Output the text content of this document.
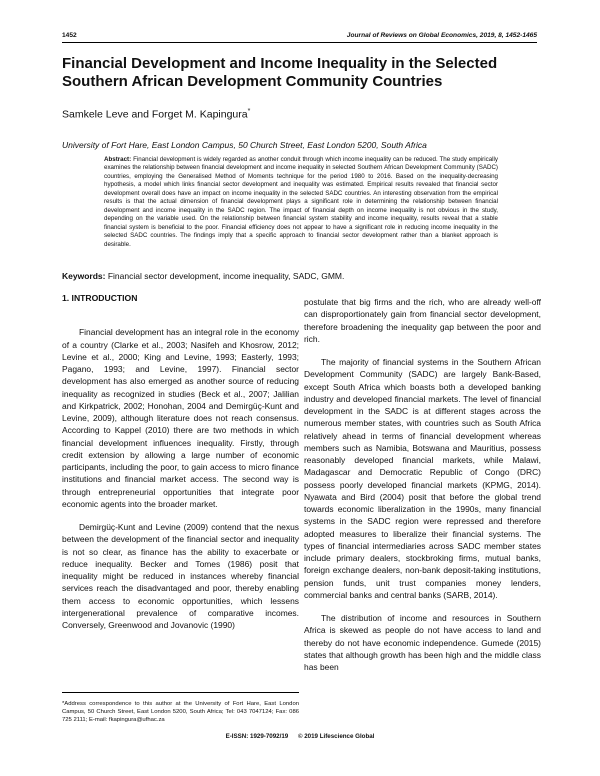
1452	Journal of Reviews on Global Economics, 2019, 8, 1452-1465
Financial Development and Income Inequality in the Selected Southern African Development Community Countries
Samkele Leve and Forget M. Kapingura*
University of Fort Hare, East London Campus, 50 Church Street, East London 5200, South Africa

Abstract: Financial development is widely regarded as another conduit through which income inequality can be reduced. The study empirically examines the relationship between financial development and income inequality in selected Southern African Development Community (SADC) countries, employing the Generalised Method of Moments technique for the period 1980 to 2016. Based on the inequality-decreasing hypothesis, a model which links financial sector development and inequality was estimated. Empirical results revealed that financial sector development overall does have an impact on income inequality in the selected SADC countries. An interesting observation from the empirical results is that the actual dimension of financial development plays a significant role in determining the relationship between financial development and income inequality in the SADC region. The impact of financial depth on income inequality is not obvious in the study, depending on the variable used. On the relationship between financial system stability and income inequality, results reveal that a stable financial system is beneficial to the poor. Financial efficiency does not appear to have a significant role in reducing income inequality in the selected SADC countries. The findings imply that a specific approach to financial sector development rather than a blanket approach is desirable.

Keywords: Financial sector development, income inequality, SADC, GMM.
1. INTRODUCTION

Financial development has an integral role in the economy of a country (Clarke et al., 2003; Nasifeh and Khosrow, 2012; Levine et al., 2000; King and Levine, 1993; Easterly, 1993; Pagano, 1993; and Levine, 1997). Financial sector development has also emerged as another source of reducing inequality as recognized in studies (Beck et al., 2007; Jalilian and Kirkpatrick, 2002; Honohan, 2004 and Demirgüç-Kunt and Levine, 2009), although literature does not reach consensus. According to Kappel (2010) there are two methods in which financial development influences inequality. Firstly, through credit extension by allowing a large number of economic participants, including the poor, to gain access to micro finance institutions and financial market access. The second way is through entrepreneurial opportunities that integrate poor economic agents into the broader market.

Demirgüç-Kunt and Levine (2009) contend that the nexus between the development of the financial sector and inequality is not so clear, as finance has the ability to exacerbate or reduce inequality. Becker and Tomes (1986) posit that inequality might be reduced in instances whereby financial services reach the disadvantaged and poor, thereby enabling them access to economic opportunities, which lessens intergenerational prevalence of comparative incomes. Conversely, Greenwood and Jovanovic (1990)

postulate that big firms and the rich, who are already well-off can disproportionately gain from financial sector development, therefore broadening the inequality gap between the poor and rich.

The majority of financial systems in the Southern African Development Community (SADC) are largely Bank-Based, except South Africa which boasts both a developed banking industry and developed financial markets. The level of financial development in the SADC is at different stages across the numerous member states, with countries such as South Africa relatively ahead in terms of financial development whereas members such as Namibia, Botswana and Mauritius, possess reasonably developed financial markets, while Malawi, Madagascar and Democratic Republic of Congo (DRC) possess poorly developed financial markets (KPMG, 2014). Nyawata and Bird (2004) posit that before the global trend towards economic liberalization in the 1990s, many financial systems in the SADC region were repressed and therefore adopted measures to liberalize their financial systems. The types of financial intermediaries across SADC member states include primary dealers, stockbroking firms, mutual banks, foreign exchange dealers, non-bank deposit-taking institutions, pension funds, unit trust companies money lenders, commercial banks and central banks (SARB, 2014).

The distribution of income and resources in Southern Africa is skewed as people do not have access to land and thereby do not have economic independence. Gumede (2015) states that although growth has been high and the middle class has been

*Address correspondence to this author at the University of Fort Hare, East London Campus, 50 Church Street, East London 5200, South Africa; Tel: 043 7047124; Fax: 086 725 2111; E-mail: fkapingura@ufhac.za
E-ISSN: 1929-7092/19 © 2019 Lifescience Global
